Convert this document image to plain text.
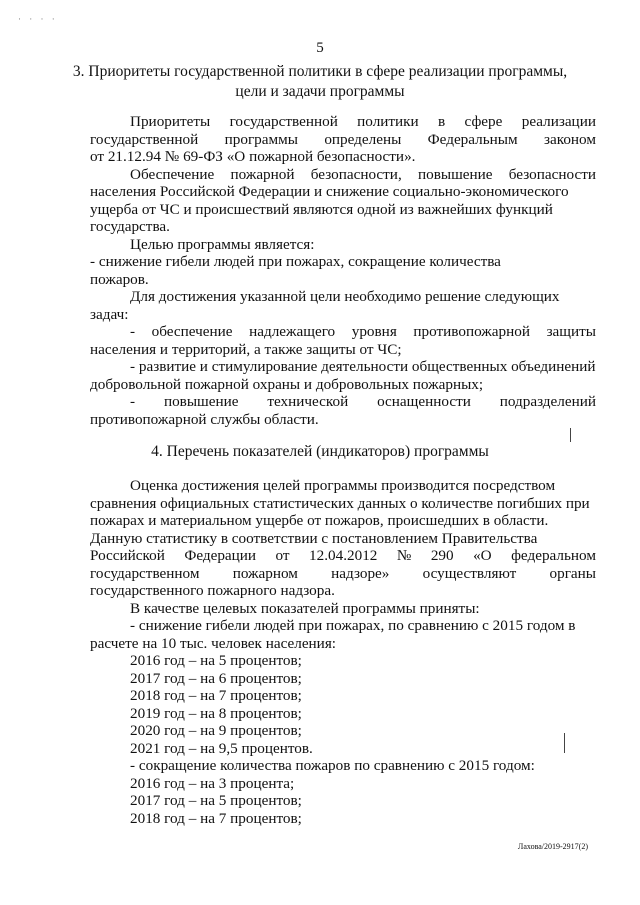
· · · ·
5
3. Приоритеты государственной политики в сфере реализации программы,
цели и задачи программы
Приоритеты государственной политики в сфере реализации
государственной программы определены Федеральным законом
от 21.12.94 № 69-ФЗ «О пожарной безопасности».
Обеспечение пожарной безопасности, повышение безопасности
населения Российской Федерации и снижение социально-экономического
ущерба от ЧС и происшествий являются одной из важнейших функций
государства.
Целью программы является:
- снижение гибели людей при пожарах, сокращение количества
пожаров.
Для достижения указанной цели необходимо решение следующих
задач:
- обеспечение надлежащего уровня противопожарной защиты
населения и территорий, а также защиты от ЧС;
- развитие и стимулирование деятельности общественных объединений
добровольной пожарной охраны и добровольных пожарных;
- повышение технической оснащенности подразделений
противопожарной службы области.
4. Перечень показателей (индикаторов) программы
Оценка достижения целей программы производится посредством
сравнения официальных статистических данных о количестве погибших при
пожарах и материальном ущербе от пожаров, происшедших в области.
Данную статистику в соответствии с постановлением Правительства
Российской Федерации от 12.04.2012 № 290 «О федеральном
государственном пожарном надзоре» осуществляют органы
государственного пожарного надзора.
В качестве целевых показателей программы приняты:
- снижение гибели людей при пожарах, по сравнению с 2015 годом в
расчете на 10 тыс. человек населения:
2016 год – на 5 процентов;
2017 год – на 6 процентов;
2018 год – на 7 процентов;
2019 год – на 8 процентов;
2020 год – на 9 процентов;
2021 год – на 9,5 процентов.
- сокращение количества пожаров по сравнению с 2015 годом:
2016 год – на 3 процента;
2017 год – на 5 процентов;
2018 год – на 7 процентов;
Лахова/2019-2917(2)
